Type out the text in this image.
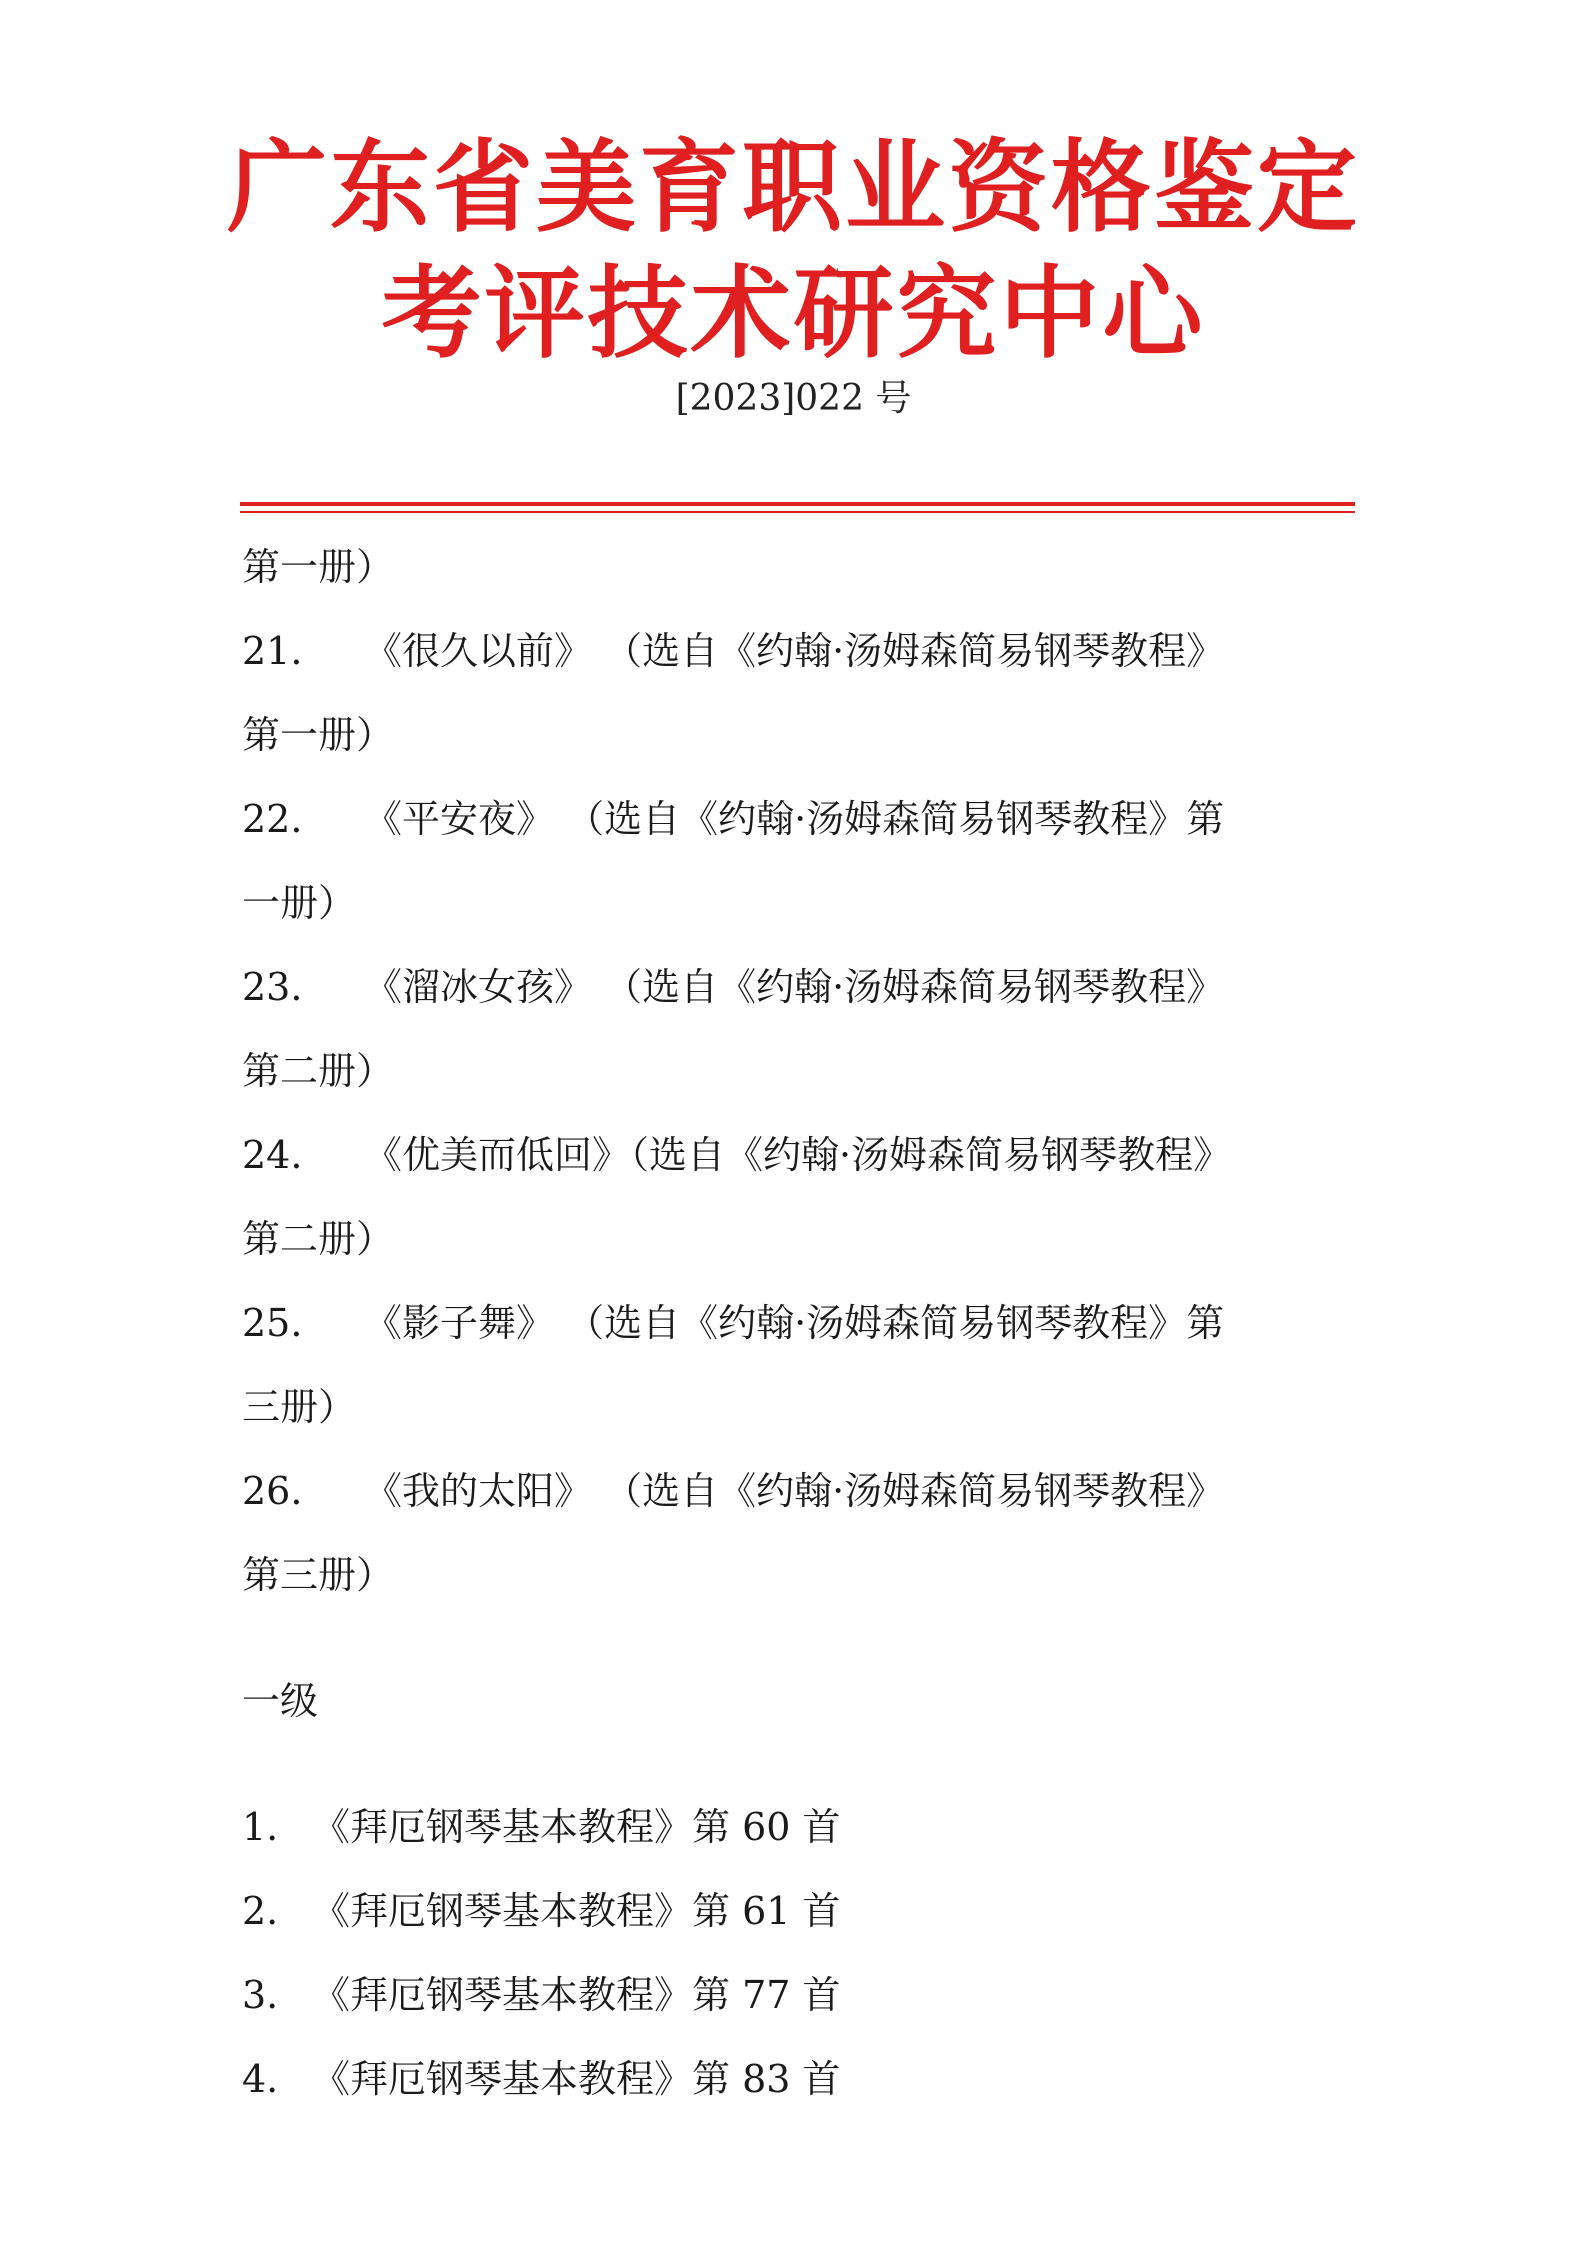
广东省美育职业资格鉴定
考评技术研究中心
[2023]022 号
第一册）
21. 《很久以前》 （选自《约翰·汤姆森简易钢琴教程》
第一册）
22. 《平安夜》 （选自《约翰·汤姆森简易钢琴教程》第
一册）
23. 《溜冰女孩》 （选自《约翰·汤姆森简易钢琴教程》
第二册）
24. 《优美而低回》（选自《约翰·汤姆森简易钢琴教程》
第二册）
25. 《影子舞》 （选自《约翰·汤姆森简易钢琴教程》第
三册）
26. 《我的太阳》 （选自《约翰·汤姆森简易钢琴教程》
第三册）
一级
1. 《拜厄钢琴基本教程》第 60 首
2. 《拜厄钢琴基本教程》第 61 首
3. 《拜厄钢琴基本教程》第 77 首
4. 《拜厄钢琴基本教程》第 83 首
